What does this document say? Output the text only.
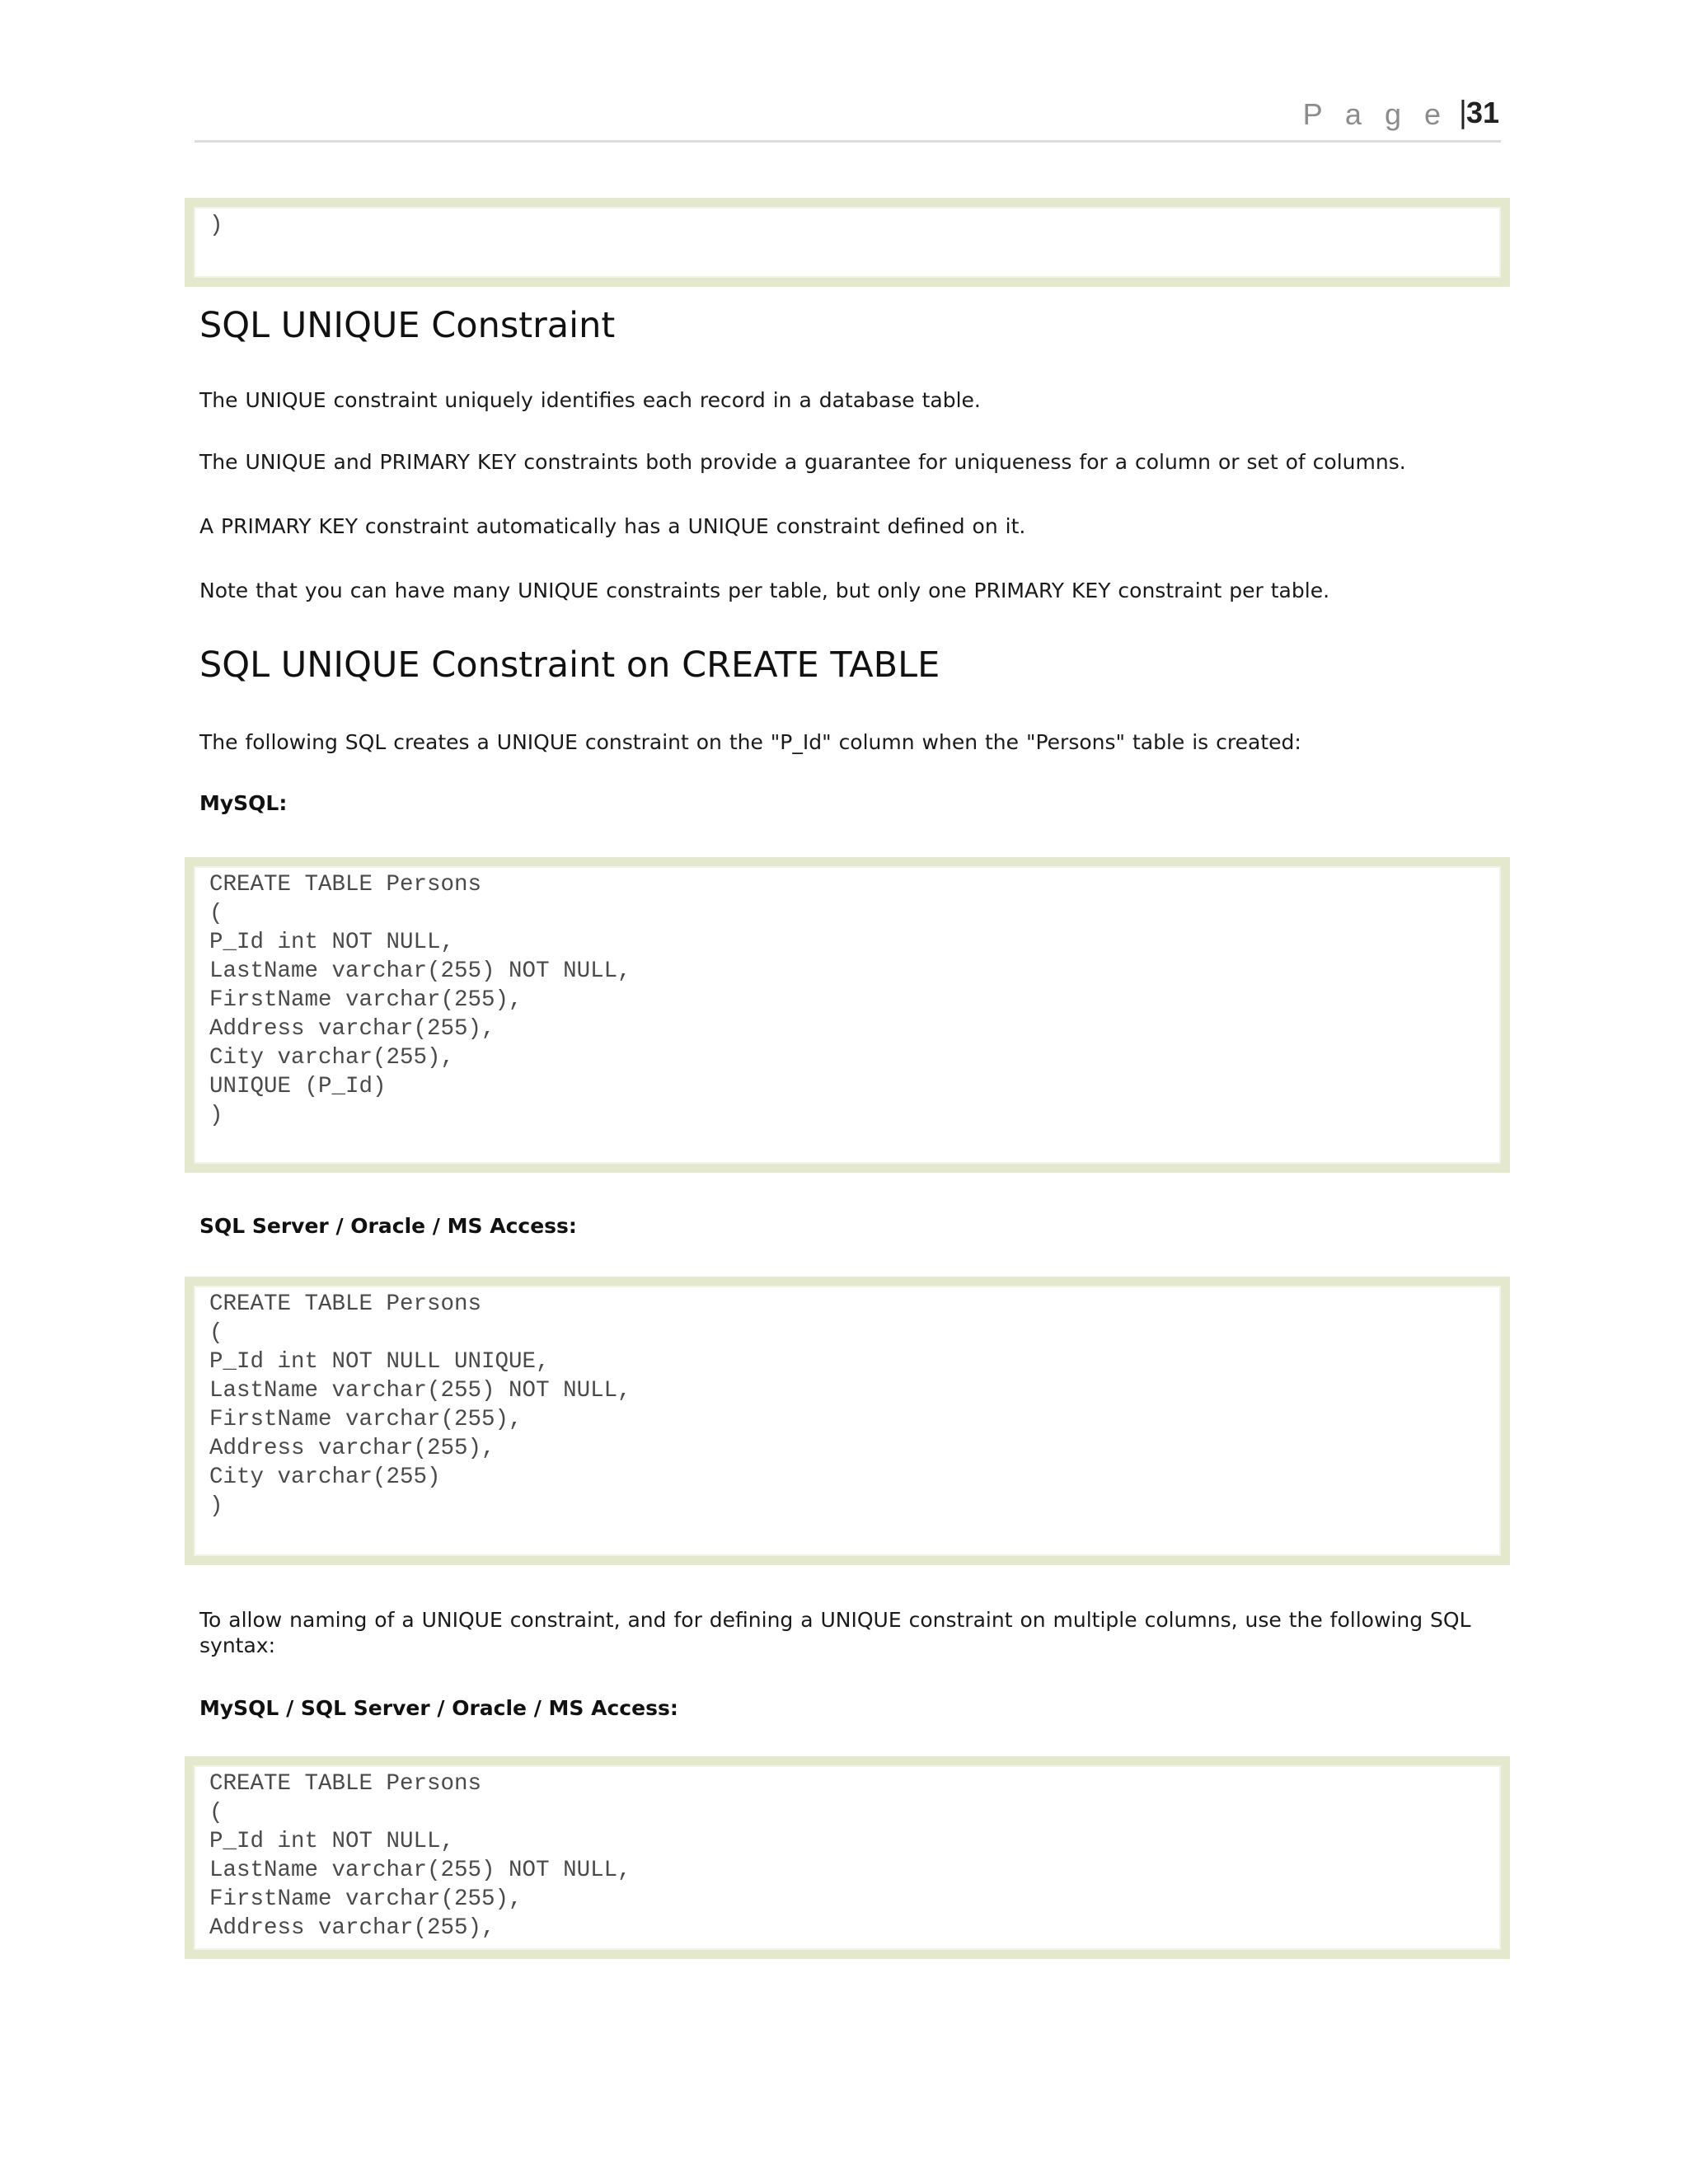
P a g e |
31
)
SQL UNIQUE Constraint
The UNIQUE constraint uniquely identifies each record in a database table.
The UNIQUE and PRIMARY KEY constraints both provide a guarantee for uniqueness for a column or set of columns.
A PRIMARY KEY constraint automatically has a UNIQUE constraint defined on it.
Note that you can have many UNIQUE constraints per table, but only one PRIMARY KEY constraint per table.
SQL UNIQUE Constraint on CREATE TABLE
The following SQL creates a UNIQUE constraint on the "P_Id" column when the "Persons" table is created:
MySQL:
CREATE TABLE Persons
(
P_Id int NOT NULL,
LastName varchar(255) NOT NULL,
FirstName varchar(255),
Address varchar(255),
City varchar(255),
UNIQUE (P_Id)
)
SQL Server / Oracle / MS Access:
CREATE TABLE Persons
(
P_Id int NOT NULL UNIQUE,
LastName varchar(255) NOT NULL,
FirstName varchar(255),
Address varchar(255),
City varchar(255)
)
To allow naming of a UNIQUE constraint, and for defining a UNIQUE constraint on multiple columns, use the following SQL syntax:
MySQL / SQL Server / Oracle / MS Access:
CREATE TABLE Persons
(
P_Id int NOT NULL,
LastName varchar(255) NOT NULL,
FirstName varchar(255),
Address varchar(255),
